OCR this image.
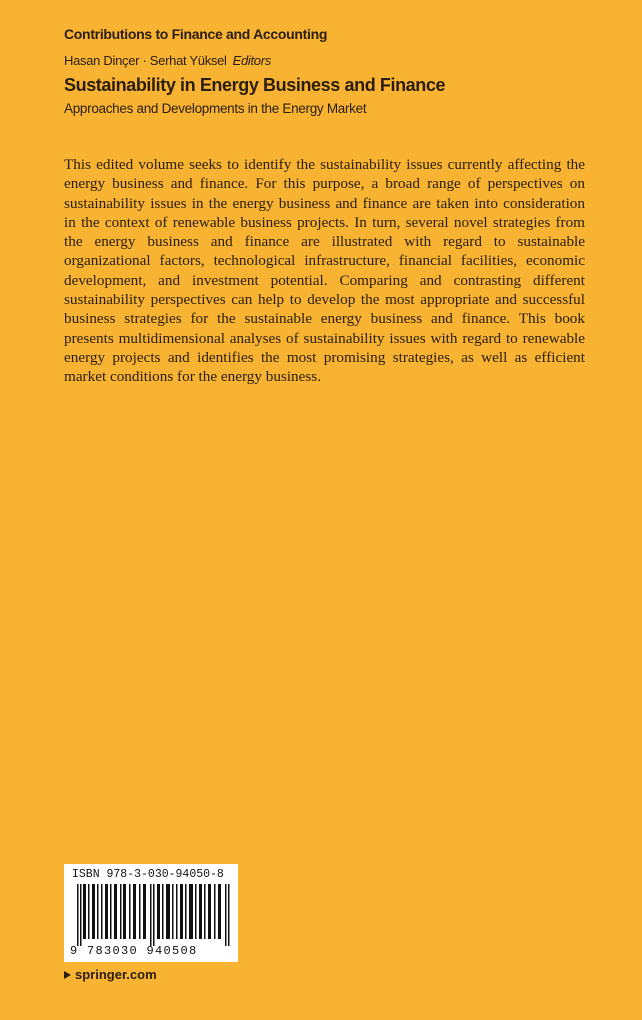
Contributions to Finance and Accounting
Hasan Dinçer · Serhat Yüksel Editors
Sustainability in Energy Business and Finance
Approaches and Developments in the Energy Market
This edited volume seeks to identify the sustainability issues currently affecting the energy business and finance. For this purpose, a broad range of perspectives on sustainability issues in the energy business and finance are taken into consideration in the context of renewable business projects. In turn, several novel strategies from the energy business and finance are illustrated with regard to sustainable organizational factors, technological infrastructure, financial facilities, economic development, and investment potential. Comparing and contrasting different sustainability perspectives can help to develop the most appropriate and successful business strategies for the sustainable energy business and finance. This book presents multidimensional analyses of sustainability issues with regard to renewable energy projects and identifies the most promising strategies, as well as efficient market conditions for the energy business.
ISBN 978-3-030-94050-8
9 783030 940508
springer.com
